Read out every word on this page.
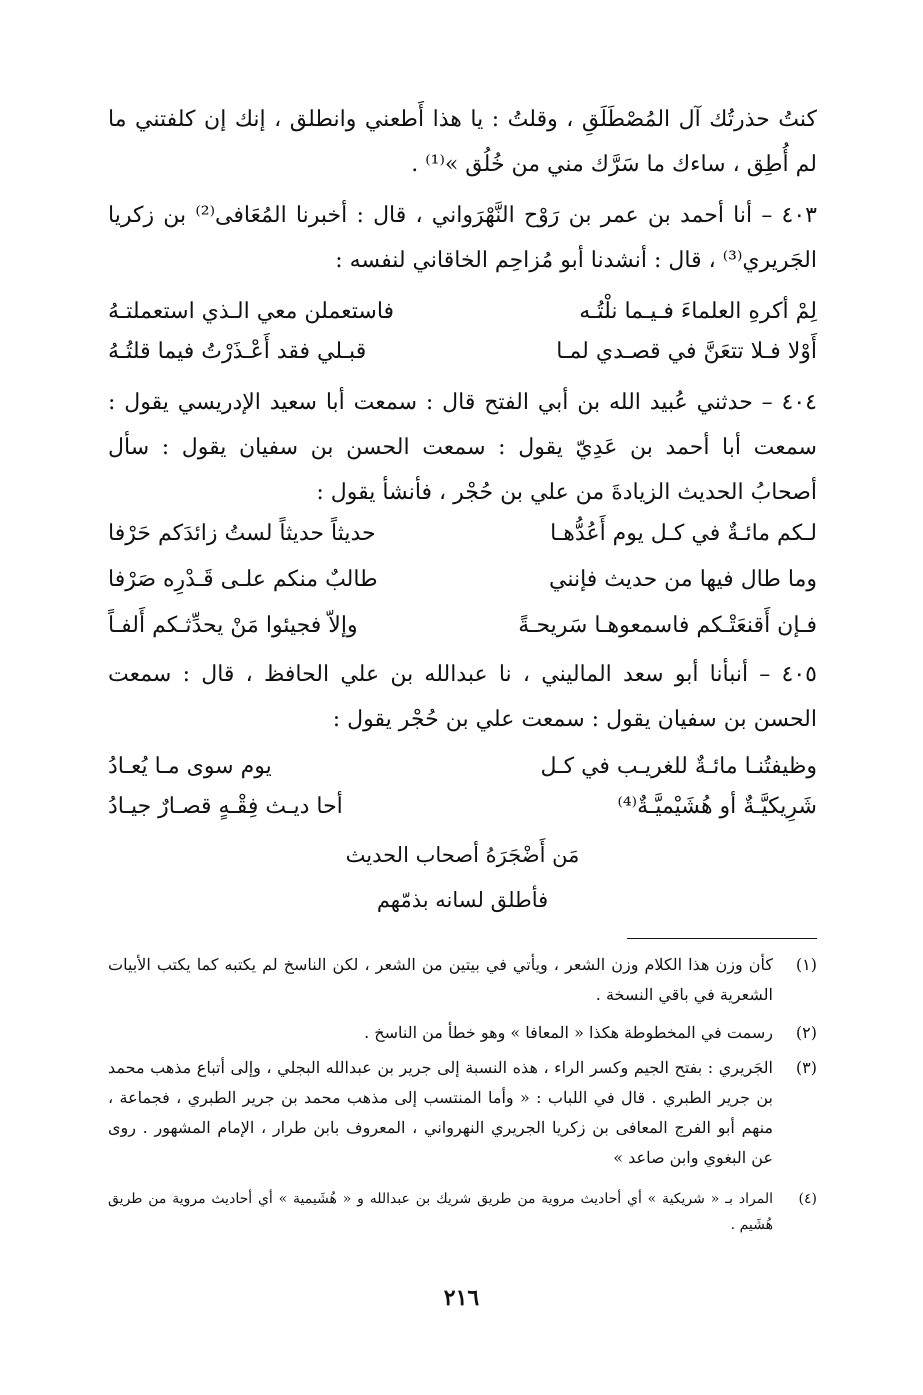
كنتُ حذرتُك آل المُصْطَلَقِ ، وقلتُ : يا هذا أَطعني وانطلق ، إنك إن كلفتني ما لم أُطِق ، ساءك ما سَرَّك مني من خُلُق »⁽¹⁾ .
٤٠٣ – أنا أحمد بن عمر بن رَوْح النَّهْرَواني ، قال : أخبرنا المُعَافى⁽²⁾ بن زكريا الجَريري⁽³⁾ ، قال : أنشدنا أبو مُزاحِم الخاقاني لنفسه :
لِمْ أكرهِ العلماءَ فـيـما نلْتُـه
فاستعملن معي الـذي استعملتـهُ
أَوْلا فـلا تتعَنَّ في قصـدي لمـا
قبـلي فقد أَعْـذَرْتُ فيما قلتُـهُ
٤٠٤ – حدثني عُبيد الله بن أبي الفتح قال : سمعت أبا سعيد الإدريسي يقول : سمعت أبا أحمد بن عَدِيّ يقول : سمعت الحسن بن سفيان يقول : سأل أصحابُ الحديث الزيادةَ من علي بن حُجْر ، فأنشأ يقول :
لـكم مائـةٌ في كـل يوم أَعُدُّهـا
حديثاً حديثاً لستُ زائدَكم حَرْفا
وما طال فيها من حديث فإنني
طالبٌ منكم علـى قَـدْرِه صَرْفا
فـإن أَقنعَتْـكم فاسمعوهـا سَريحـةً
وإلاّ فجيئوا مَنْ يحدِّثـكم أَلفـاً
٤٠٥ – أنبأنا أبو سعد الماليني ، نا عبدالله بن علي الحافظ ، قال : سمعت الحسن بن سفيان يقول : سمعت علي بن حُجْر يقول :
وظيفتُنـا مائـةٌ للغريـب في كـل
يوم سوى مـا يُعـادُ
شَرِيكيَّـةٌ أو هُشَيْميَّـةٌ⁽⁴⁾
أحا ديـث فِقْـهٍ قصـارٌ جيـادُ
مَن أَضْجَرَهُ أصحاب الحديث
فأطلق لسانه بذمّهم
(١)
كأن وزن هذا الكلام وزن الشعر ، ويأتي في بيتين من الشعر ، لكن الناسخ لم يكتبه كما يكتب الأبيات الشعرية في باقي النسخة .
(٢)
رسمت في المخطوطة هكذا « المعافا » وهو خطأ من الناسخ .
(٣)
الجَريري : بفتح الجيم وكسر الراء ، هذه النسبة إلى جرير بن عبدالله البجلي ، وإلى أتباع مذهب محمد بن جرير الطبري . قال في اللباب : « وأما المنتسب إلى مذهب محمد بن جرير الطبري ، فجماعة ، منهم أبو الفرج المعافى بن زكريا الجريري النهرواني ، المعروف بابن طرار ، الإمام المشهور . روى عن البغوي وابن صاعد »
(٤)
المراد بـ « شريكية » أي أحاديث مروية من طريق شريك بن عبدالله و « هُشَيمية » أي أحاديث مروية من طريق هُشَيم .
٢١٦
